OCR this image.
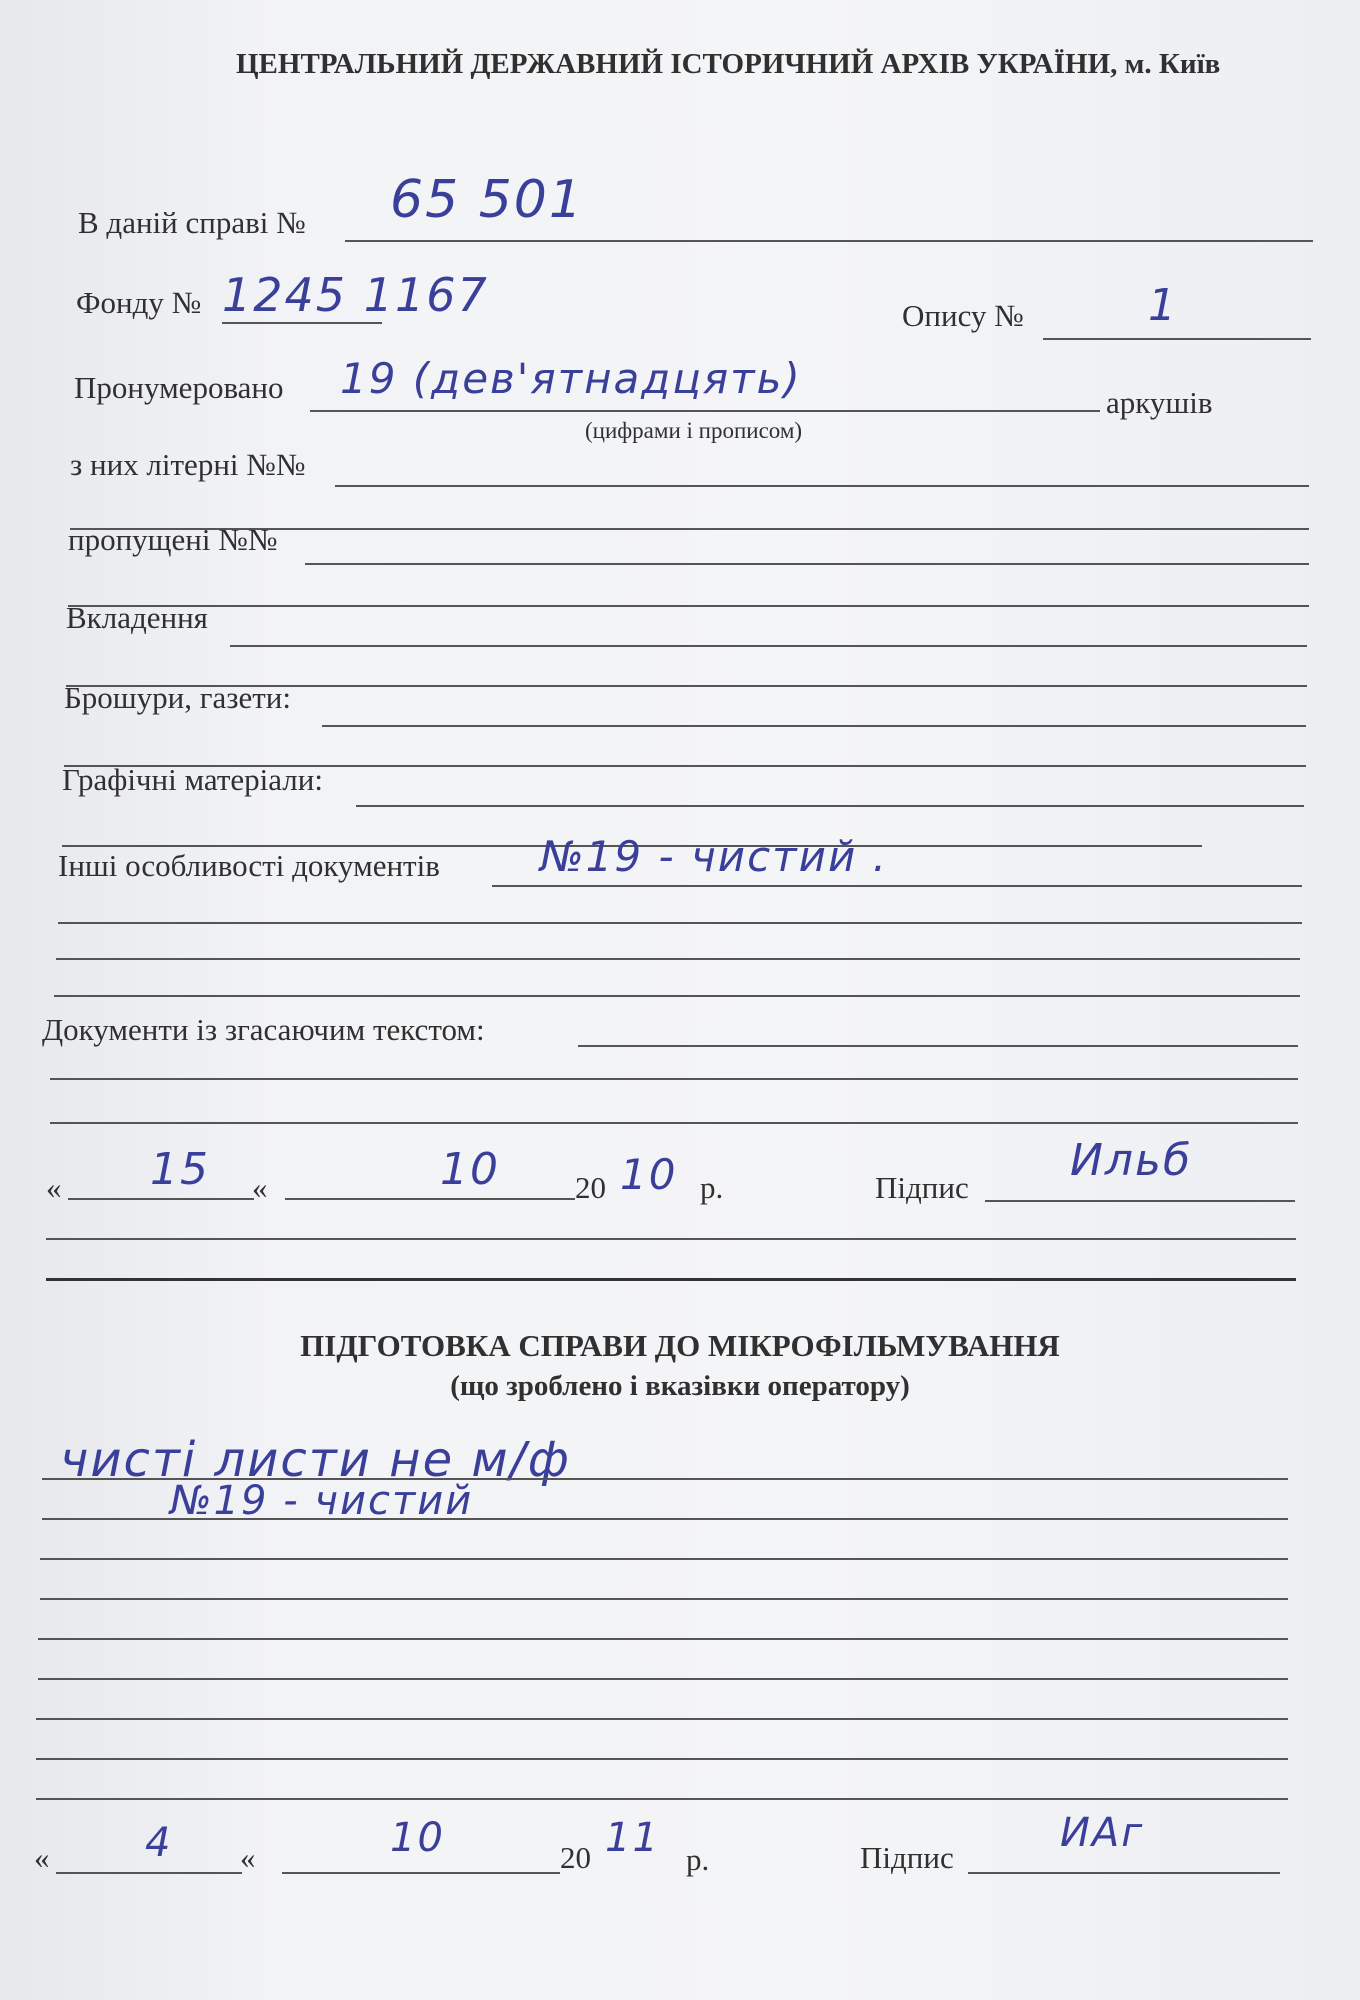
ЦЕНТРАЛЬНИЙ ДЕРЖАВНИЙ ІСТОРИЧНИЙ АРХІВ УКРАЇНИ, м. Київ
В даній справі № 65 501
Фонду № 1245 1167	Опису №	1
Пронумеровано 19 (дев'ятнадцять)	аркушів
(цифрами і прописом)
з них літерні №№
пропущені №№
Вкладення
Брошури, газети:
Графічні матеріали:
Інші особливості документів №19 - чистий .
Документи із згасаючим текстом:
« 15 «	10 20 10 р.	Підпис
Ильб
ПІДГОТОВКА СПРАВИ ДО МІКРОФІЛЬМУВАННЯ
(що зроблено і вказівки оператору)
чисті листи не м/ф
№19 - чистий
« 4 «	10	20 11 р.	Підпис
ИАг
